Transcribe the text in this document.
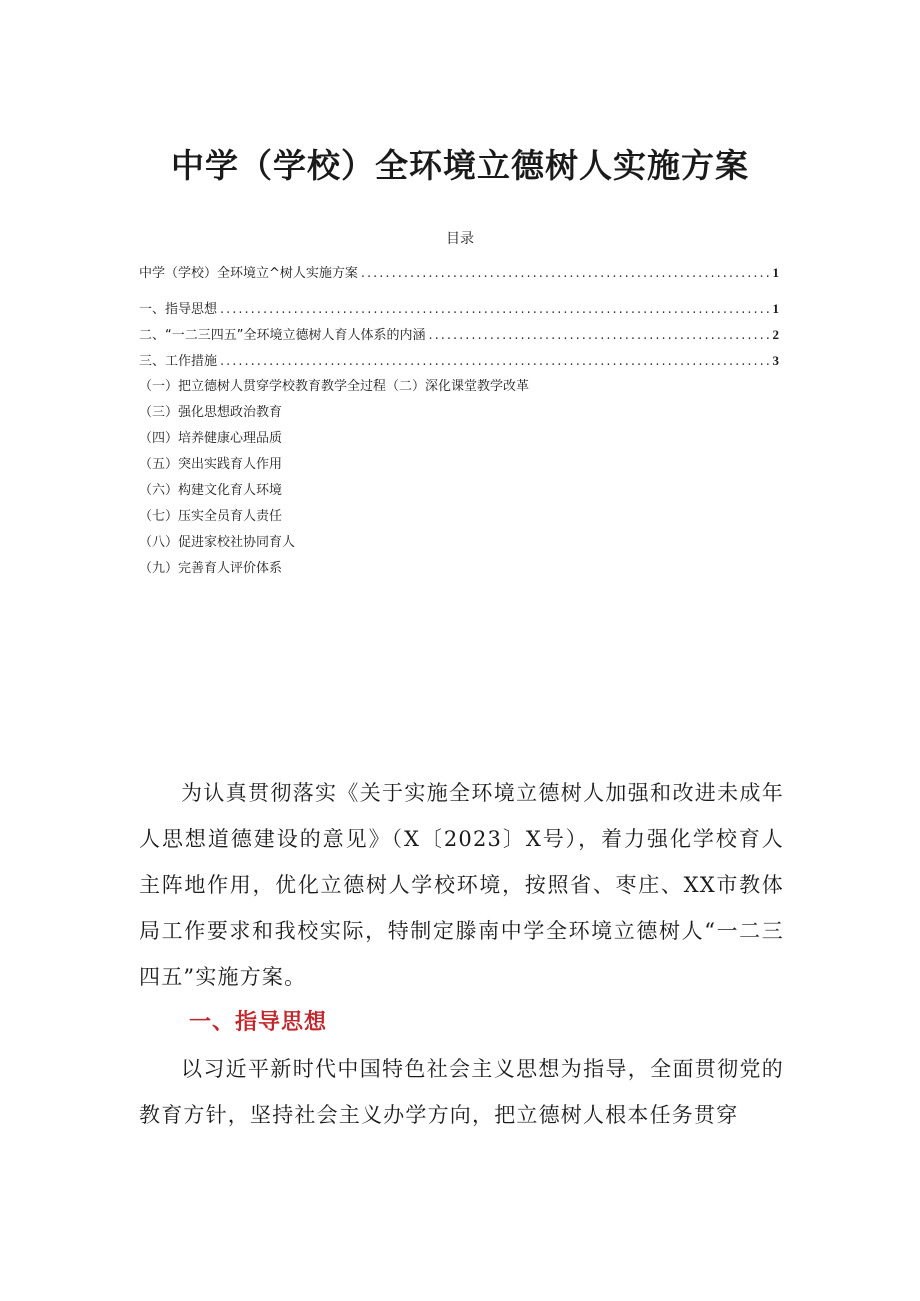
中学（学校）全环境立德树人实施方案
目录
中学（学校）全环境立^树人实施方案 .....	1
一、指导思想 .....	1
二、“一二三四五”全环境立德树人育人体系的内涵 .....	2
三、工作措施 .....	3
（一）把立德树人贯穿学校教育教学全过程（二）深化课堂教学改革
（三）强化思想政治教育
（四）培养健康心理品质
（五）突出实践育人作用
（六）构建文化育人环境
（七）压实全员育人责任
（八）促进家校社协同育人
（九）完善育人评价体系

为认真贯彻落实《关于实施全环境立德树人加强和改进未成年人思想道德建设的意见》（X〔2023〕X号），着力强化学校育人主阵地作用，优化立德树人学校环境，按照省、枣庄、XX市教体局工作要求和我校实际，特制定滕南中学全环境立德树人“一二三四五”实施方案。

一、指导思想

以习近平新时代中国特色社会主义思想为指导，全面贯彻党的教育方针，坚持社会主义办学方向，把立德树人根本任务贯穿
